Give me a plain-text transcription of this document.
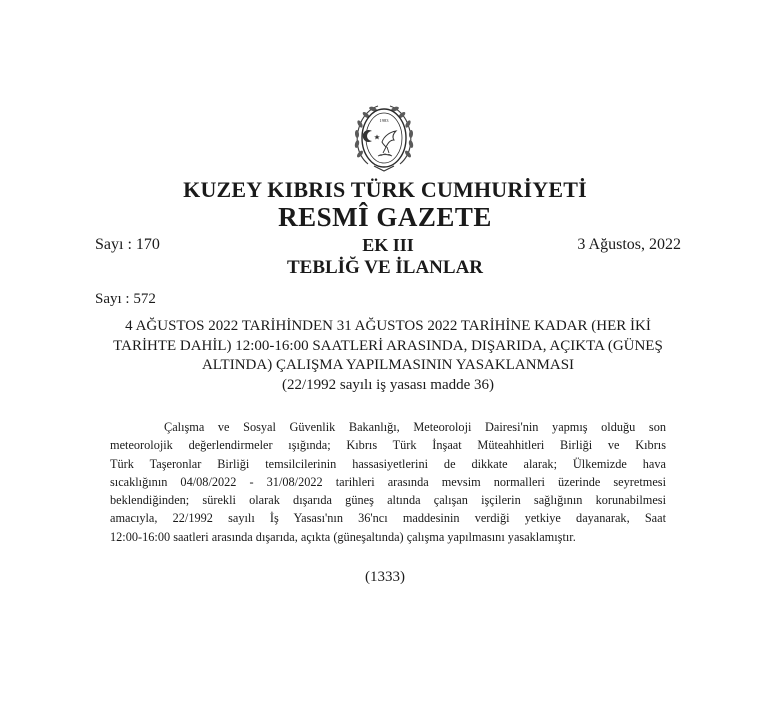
1983
KUZEY KIBRIS TÜRK CUMHURİYETİ
RESMÎ GAZETE
Sayı : 170	EK III	3 Ağustos, 2022
TEBLİĞ VE İLANLAR
Sayı : 572
4 AĞUSTOS 2022 TARİHİNDEN 31 AĞUSTOS 2022 TARİHİNE KADAR (HER İKİ
TARİHTE DAHİL) 12:00-16:00 SAATLERİ ARASINDA, DIŞARIDA, AÇIKTA (GÜNEŞ
ALTINDA) ÇALIŞMA YAPILMASININ YASAKLANMASI
(22/1992 sayılı iş yasası madde 36)
Çalışma ve Sosyal Güvenlik Bakanlığı, Meteoroloji Dairesi'nin yapmış olduğu son
meteorolojik değerlendirmeler ışığında; Kıbrıs Türk İnşaat Müteahhitleri Birliği ve Kıbrıs
Türk Taşeronlar Birliği temsilcilerinin hassasiyetlerini de dikkate alarak; Ülkemizde hava
sıcaklığının 04/08/2022 - 31/08/2022 tarihleri arasında mevsim normalleri üzerinde seyretmesi
beklendiğinden; sürekli olarak dışarıda güneş altında çalışan işçilerin sağlığının korunabilmesi
amacıyla, 22/1992 sayılı İş Yasası'nın 36'ncı maddesinin verdiği yetkiye dayanarak, Saat
12:00-16:00 saatleri arasında dışarıda, açıkta (güneşaltında) çalışma yapılmasını yasaklamıştır.
(1333)
